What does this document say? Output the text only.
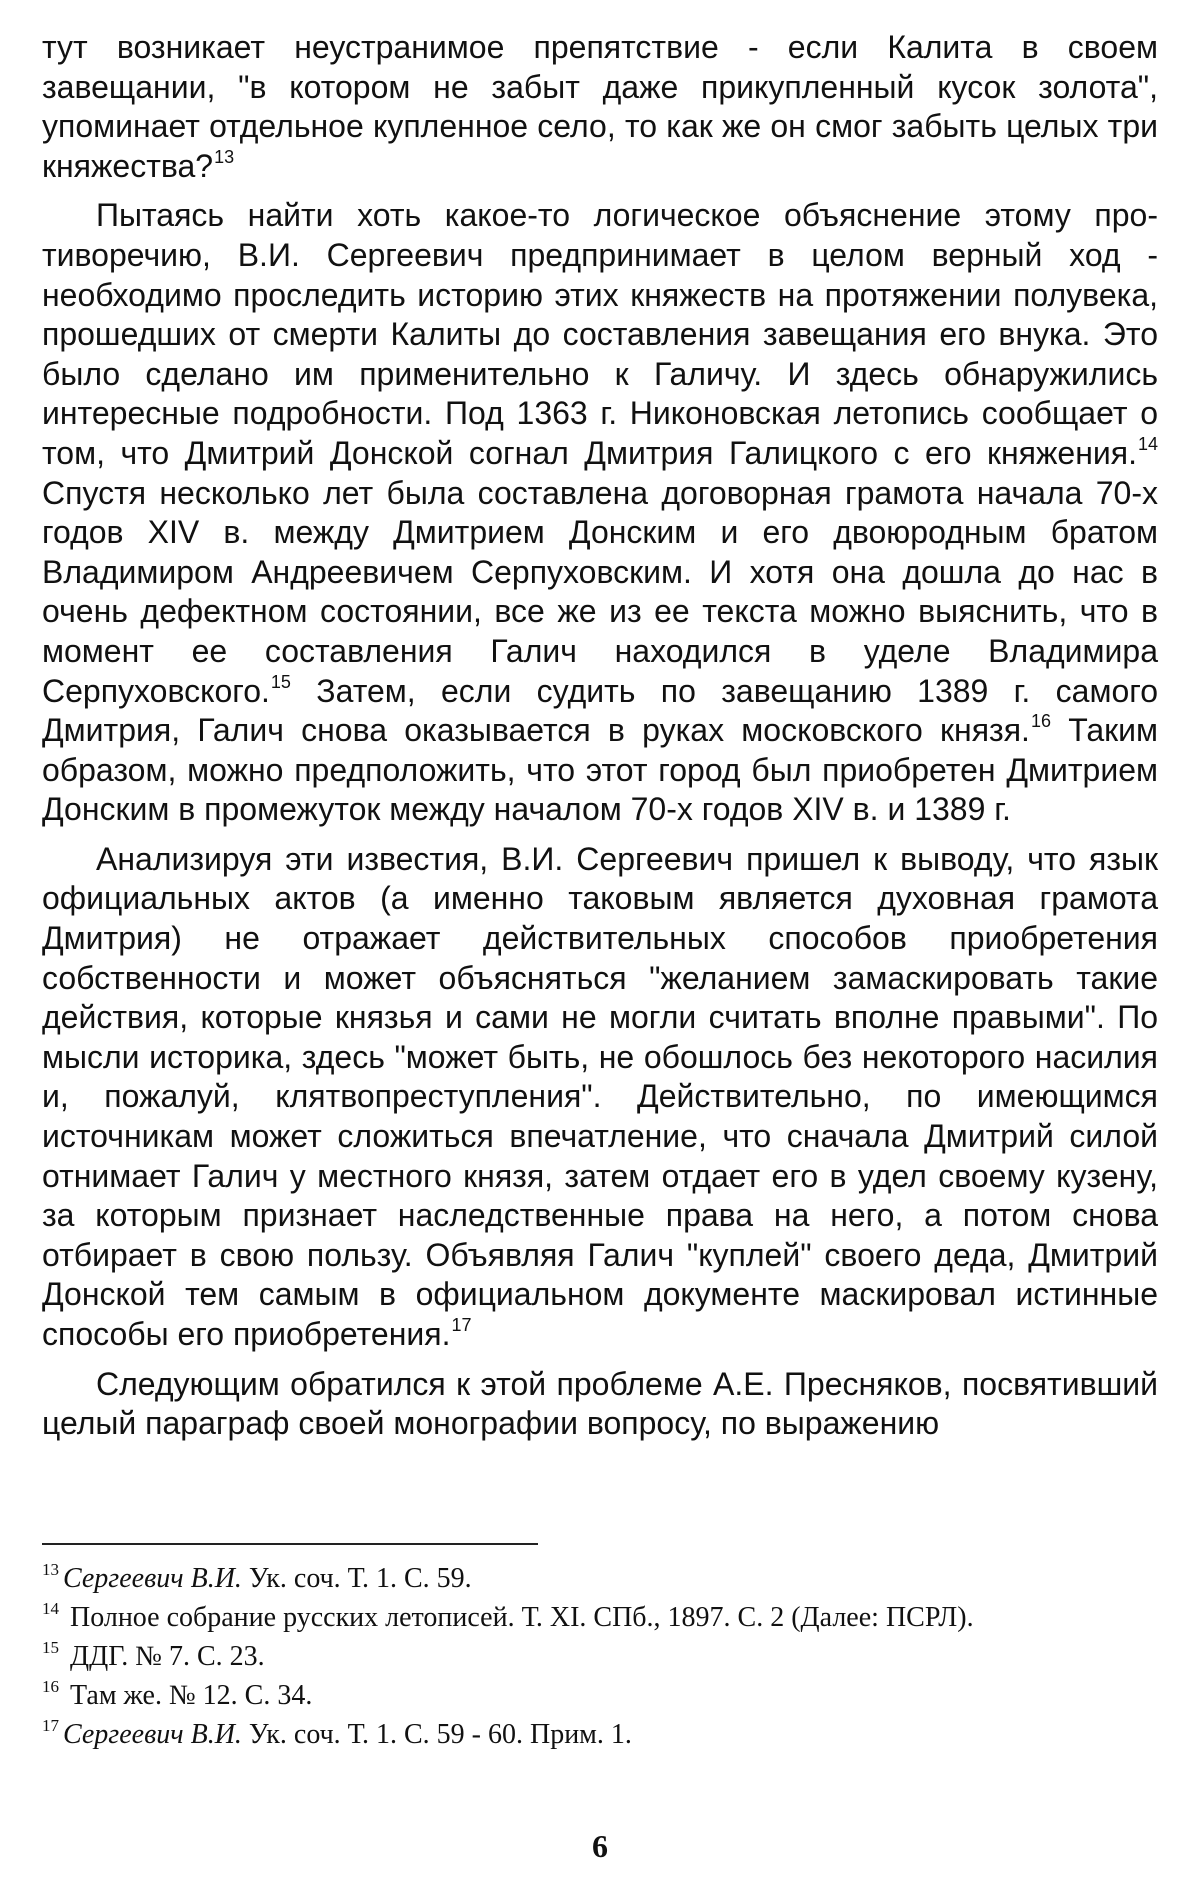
тут возникает неустранимое препятствие - если Калита в своем завещании, "в котором не забыт даже прикупленный кусок золота", упоминает отдельное купленное село, то как же он смог забыть целых три княжества?$^{13}$

Пытаясь найти хоть какое-то логическое объяснение этому противоречию, В.И. Сергеевич предпринимает в целом верный ход - необходимо проследить историю этих княжеств на протяжении полувека, прошедших от смерти Калиты до составления завещания его внука. Это было сделано им применительно к Галичу. И здесь обнаружились интересные подробности. Под 1363 г. Никоновская летопись сообщает о том, что Дмитрий Донской согнал Дмитрия Галицкого с его княжения.$^{14}$ Спустя несколько лет была составлена договорная грамота начала 70-х годов XIV в. между Дмитрием Донским и его двоюродным братом Владимиром Андреевичем Серпуховским. И хотя она дошла до нас в очень дефектном состоянии, все же из ее текста можно выяснить, что в момент ее составления Галич находился в уделе Владимира Серпуховского.$^{15}$ Затем, если судить по завещанию 1389 г. самого Дмитрия, Галич снова оказывается в руках московского князя.$^{16}$ Таким образом, можно предположить, что этот город был приобретен Дмитрием Донским в промежуток между началом 70-х годов XIV в. и 1389 г.

Анализируя эти известия, В.И. Сергеевич пришел к выводу, что язык официальных актов (а именно таковым является духовная грамота Дмитрия) не отражает действительных способов приобретения собственности и может объясняться "желанием замаскировать такие действия, которые князья и сами не могли считать вполне правыми". По мысли историка, здесь "может быть, не обошлось без некоторого насилия и, пожалуй, клятвопреступления". Действительно, по имеющимся источникам может сложиться впечатление, что сначала Дмитрий силой отнимает Галич у местного князя, затем отдает его в удел своему кузену, за которым признает наследственные права на него, а потом снова отбирает в свою пользу. Объявляя Галич "куплей" своего деда, Дмитрий Донской тем самым в официальном документе маскировал истинные способы его приобретения.$^{17}$

Следующим обратился к этой проблеме А.Е. Пресняков, посвятивший целый параграф своей монографии вопросу, по выражению

$^{13}$ Сергеевич В.И. Ук. соч. Т. 1. С. 59.

$^{14}$ Полное собрание русских летописей. Т. XI. СПб., 1897. С. 2 (Далее: ПСРЛ).

$^{15}$ ДДГ. № 7. С. 23.

$^{16}$ Там же. № 12. С. 34.

$^{17}$ Сергеевич В.И. Ук. соч. Т. 1. С. 59 - 60. Прим. 1.

6
